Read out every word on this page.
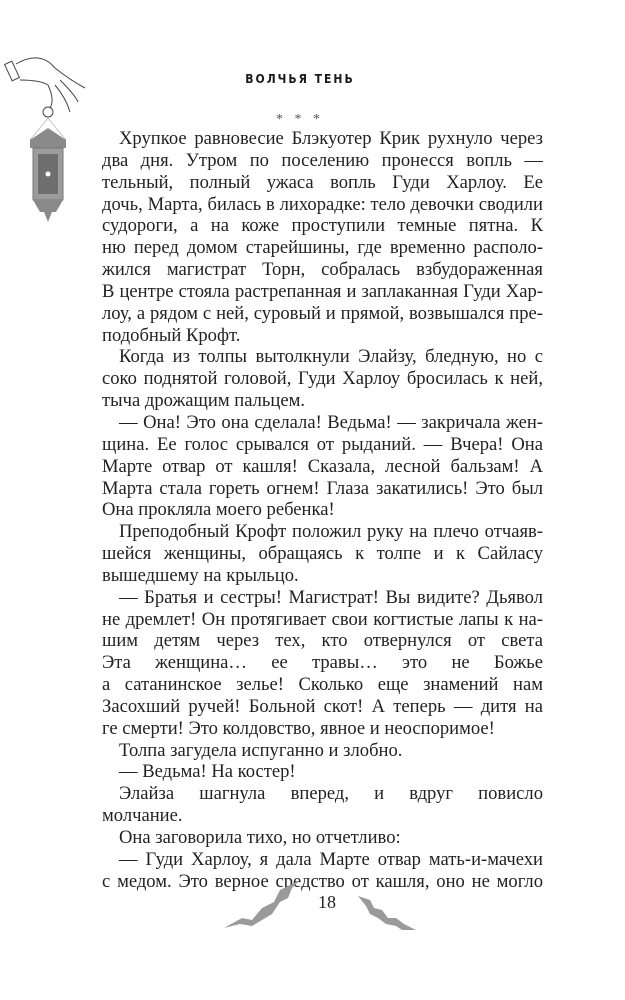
ВОЛЧЬЯ ТЕНЬ
* * *
Хрупкое равновесие Блэкуотер Крик рухнуло через
два дня. Утром по поселению пронесся вопль —
тельный, полный ужаса вопль Гуди Харлоу. Ее
дочь, Марта, билась в лихорадке: тело девочки сводили
судороги, а на коже проступили темные пятна. К
ню перед домом старейшины, где временно располо-
жился магистрат Торн, собралась взбудораженная
В центре стояла растрепанная и заплаканная Гуди Хар-
лоу, а рядом с ней, суровый и прямой, возвышался пре-
подобный Крофт.
Когда из толпы вытолкнули Элайзу, бледную, но с
соко поднятой головой, Гуди Харлоу бросилась к ней,
тыча дрожащим пальцем.
— Она! Это она сделала! Ведьма! — закричала жен-
щина. Ее голос срывался от рыданий. — Вчера! Она
Марте отвар от кашля! Сказала, лесной бальзам! А
Марта стала гореть огнем! Глаза закатились! Это был
Она прокляла моего ребенка!
Преподобный Крофт положил руку на плечо отчаяв-
шейся женщины, обращаясь к толпе и к Сайласу
вышедшему на крыльцо.
— Братья и сестры! Магистрат! Вы видите? Дьявол
не дремлет! Он протягивает свои когтистые лапы к на-
шим детям через тех, кто отвернулся от света
Эта женщина… ее травы… это не Божье
а сатанинское зелье! Сколько еще знамений нам
Засохший ручей! Больной скот! А теперь — дитя на
ге смерти! Это колдовство, явное и неоспоримое!
Толпа загудела испуганно и злобно.
— Ведьма! На костер!
Элайза шагнула вперед, и вдруг повисло
молчание.
Она заговорила тихо, но отчетливо:
— Гуди Харлоу, я дала Марте отвар мать-и-мачехи
с медом. Это верное средство от кашля, оно не могло
18
